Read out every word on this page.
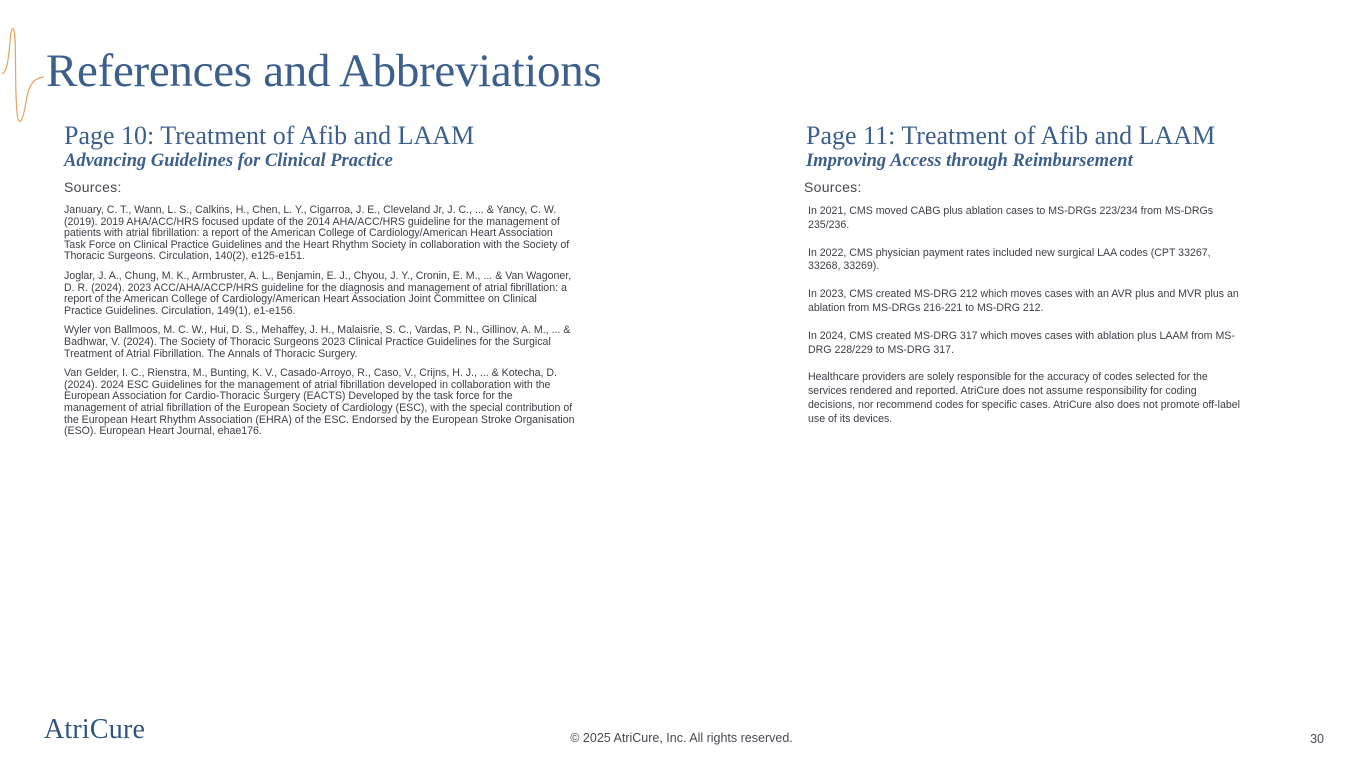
References and Abbreviations
Page 10: Treatment of Afib and LAAM
Advancing Guidelines for Clinical Practice

Sources:

January, C. T., Wann, L. S., Calkins, H., Chen, L. Y., Cigarroa, J. E., Cleveland Jr, J. C., ... & Yancy, C. W. (2019). 2019 AHA/ACC/HRS focused update of the 2014 AHA/ACC/HRS guideline for the management of patients with atrial fibrillation: a report of the American College of Cardiology/American Heart Association Task Force on Clinical Practice Guidelines and the Heart Rhythm Society in collaboration with the Society of Thoracic Surgeons. Circulation, 140(2), e125-e151.
Joglar, J. A., Chung, M. K., Armbruster, A. L., Benjamin, E. J., Chyou, J. Y., Cronin, E. M., ... & Van Wagoner, D. R. (2024). 2023 ACC/AHA/ACCP/HRS guideline for the diagnosis and management of atrial fibrillation: a report of the American College of Cardiology/American Heart Association Joint Committee on Clinical Practice Guidelines. Circulation, 149(1), e1-e156.
Wyler von Ballmoos, M. C. W., Hui, D. S., Mehaffey, J. H., Malaisrie, S. C., Vardas, P. N., Gillinov, A. M., ... & Badhwar, V. (2024). The Society of Thoracic Surgeons 2023 Clinical Practice Guidelines for the Surgical Treatment of Atrial Fibrillation. The Annals of Thoracic Surgery.
Van Gelder, I. C., Rienstra, M., Bunting, K. V., Casado-Arroyo, R., Caso, V., Crijns, H. J., ... & Kotecha, D. (2024). 2024 ESC Guidelines for the management of atrial fibrillation developed in collaboration with the European Association for Cardio-Thoracic Surgery (EACTS) Developed by the task force for the management of atrial fibrillation of the European Society of Cardiology (ESC), with the special contribution of the European Heart Rhythm Association (EHRA) of the ESC. Endorsed by the European Stroke Organisation (ESO). European Heart Journal, ehae176.
Page 11: Treatment of Afib and LAAM
Improving Access through Reimbursement

Sources:

In 2021, CMS moved CABG plus ablation cases to MS-DRGs 223/234 from MS-DRGs 235/236.
In 2022, CMS physician payment rates included new surgical LAA codes (CPT 33267, 33268, 33269).
In 2023, CMS created MS-DRG 212 which moves cases with an AVR plus and MVR plus an ablation from MS-DRGs 216-221 to MS-DRG 212.
In 2024, CMS created MS-DRG 317 which moves cases with ablation plus LAAM from MS-DRG 228/229 to MS-DRG 317.
Healthcare providers are solely responsible for the accuracy of codes selected for the services rendered and reported. AtriCure does not assume responsibility for coding decisions, nor recommend codes for specific cases. AtriCure also does not promote off-label use of its devices.
AtriCure	© 2025 AtriCure, Inc. All rights reserved.	30
